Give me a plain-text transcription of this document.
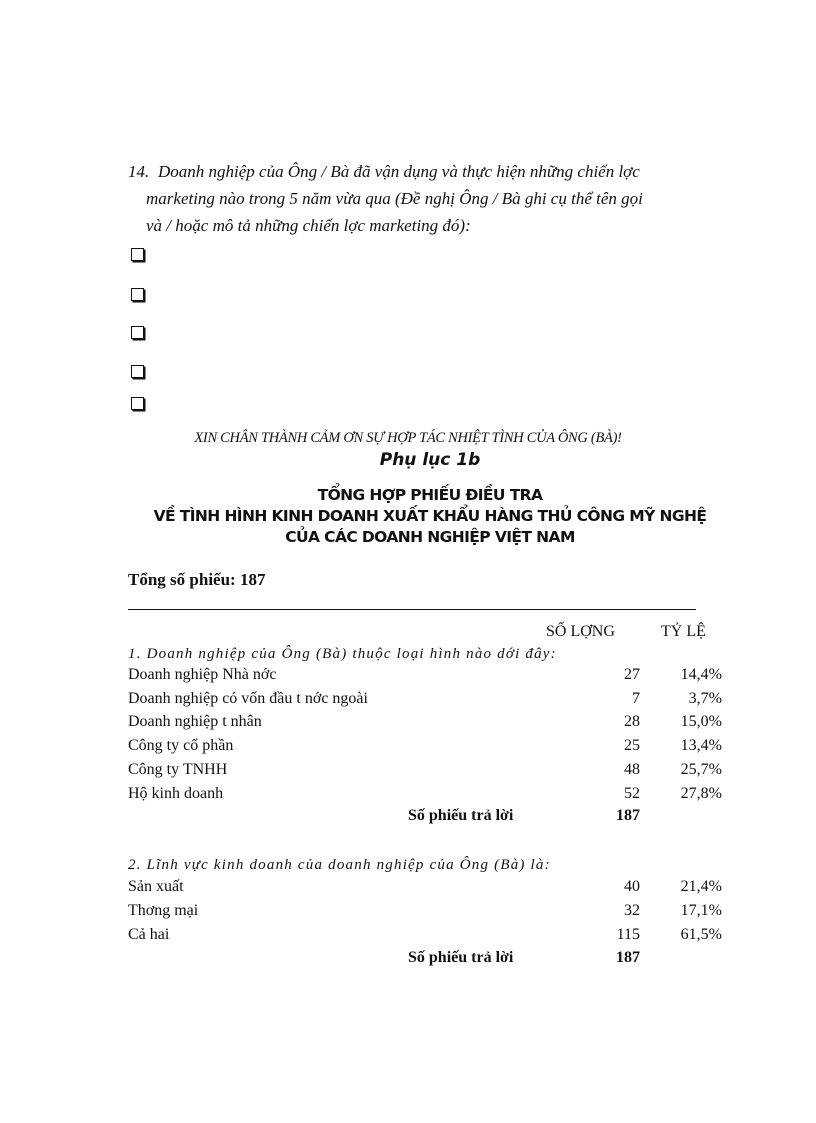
14. Doanh nghiệp của Ông / Bà đã vận dụng và thực hiện những chiến lợc
marketing nào trong 5 năm vừa qua (Đề nghị Ông / Bà ghi cụ thể tên gọi
và / hoặc mô tả những chiến lợc marketing đó):
XIN CHÂN THÀNH CẢM ƠN SỰ HỢP TÁC NHIỆT TÌNH CỦA ÔNG (BÀ)!
Phụ lục 1b
TỔNG HỢP PHIẾU ĐIỀU TRA
VỀ TÌNH HÌNH KINH DOANH XUẤT KHẨU HÀNG THỦ CÔNG MỸ NGHỆ
CỦA CÁC DOANH NGHIỆP VIỆT NAM
Tổng số phiếu: 187
SỐ LỢNG	TỶ LỆ
1. Doanh nghiệp của Ông (Bà) thuộc loại hình nào dới đây:
Doanh nghiệp Nhà nớc	27	14,4%
Doanh nghiệp có vốn đầu t nớc ngoài	7	3,7%
Doanh nghiệp t nhân	28	15,0%
Công ty cổ phần	25	13,4%
Công ty TNHH	48	25,7%
Hộ kinh doanh	52	27,8%
Số phiếu trả lời	187
2. Lĩnh vực kinh doanh của doanh nghiệp của Ông (Bà) là:
Sản xuất	40	21,4%
Thơng mại	32	17,1%
Cả hai	115	61,5%
Số phiếu trả lời	187
